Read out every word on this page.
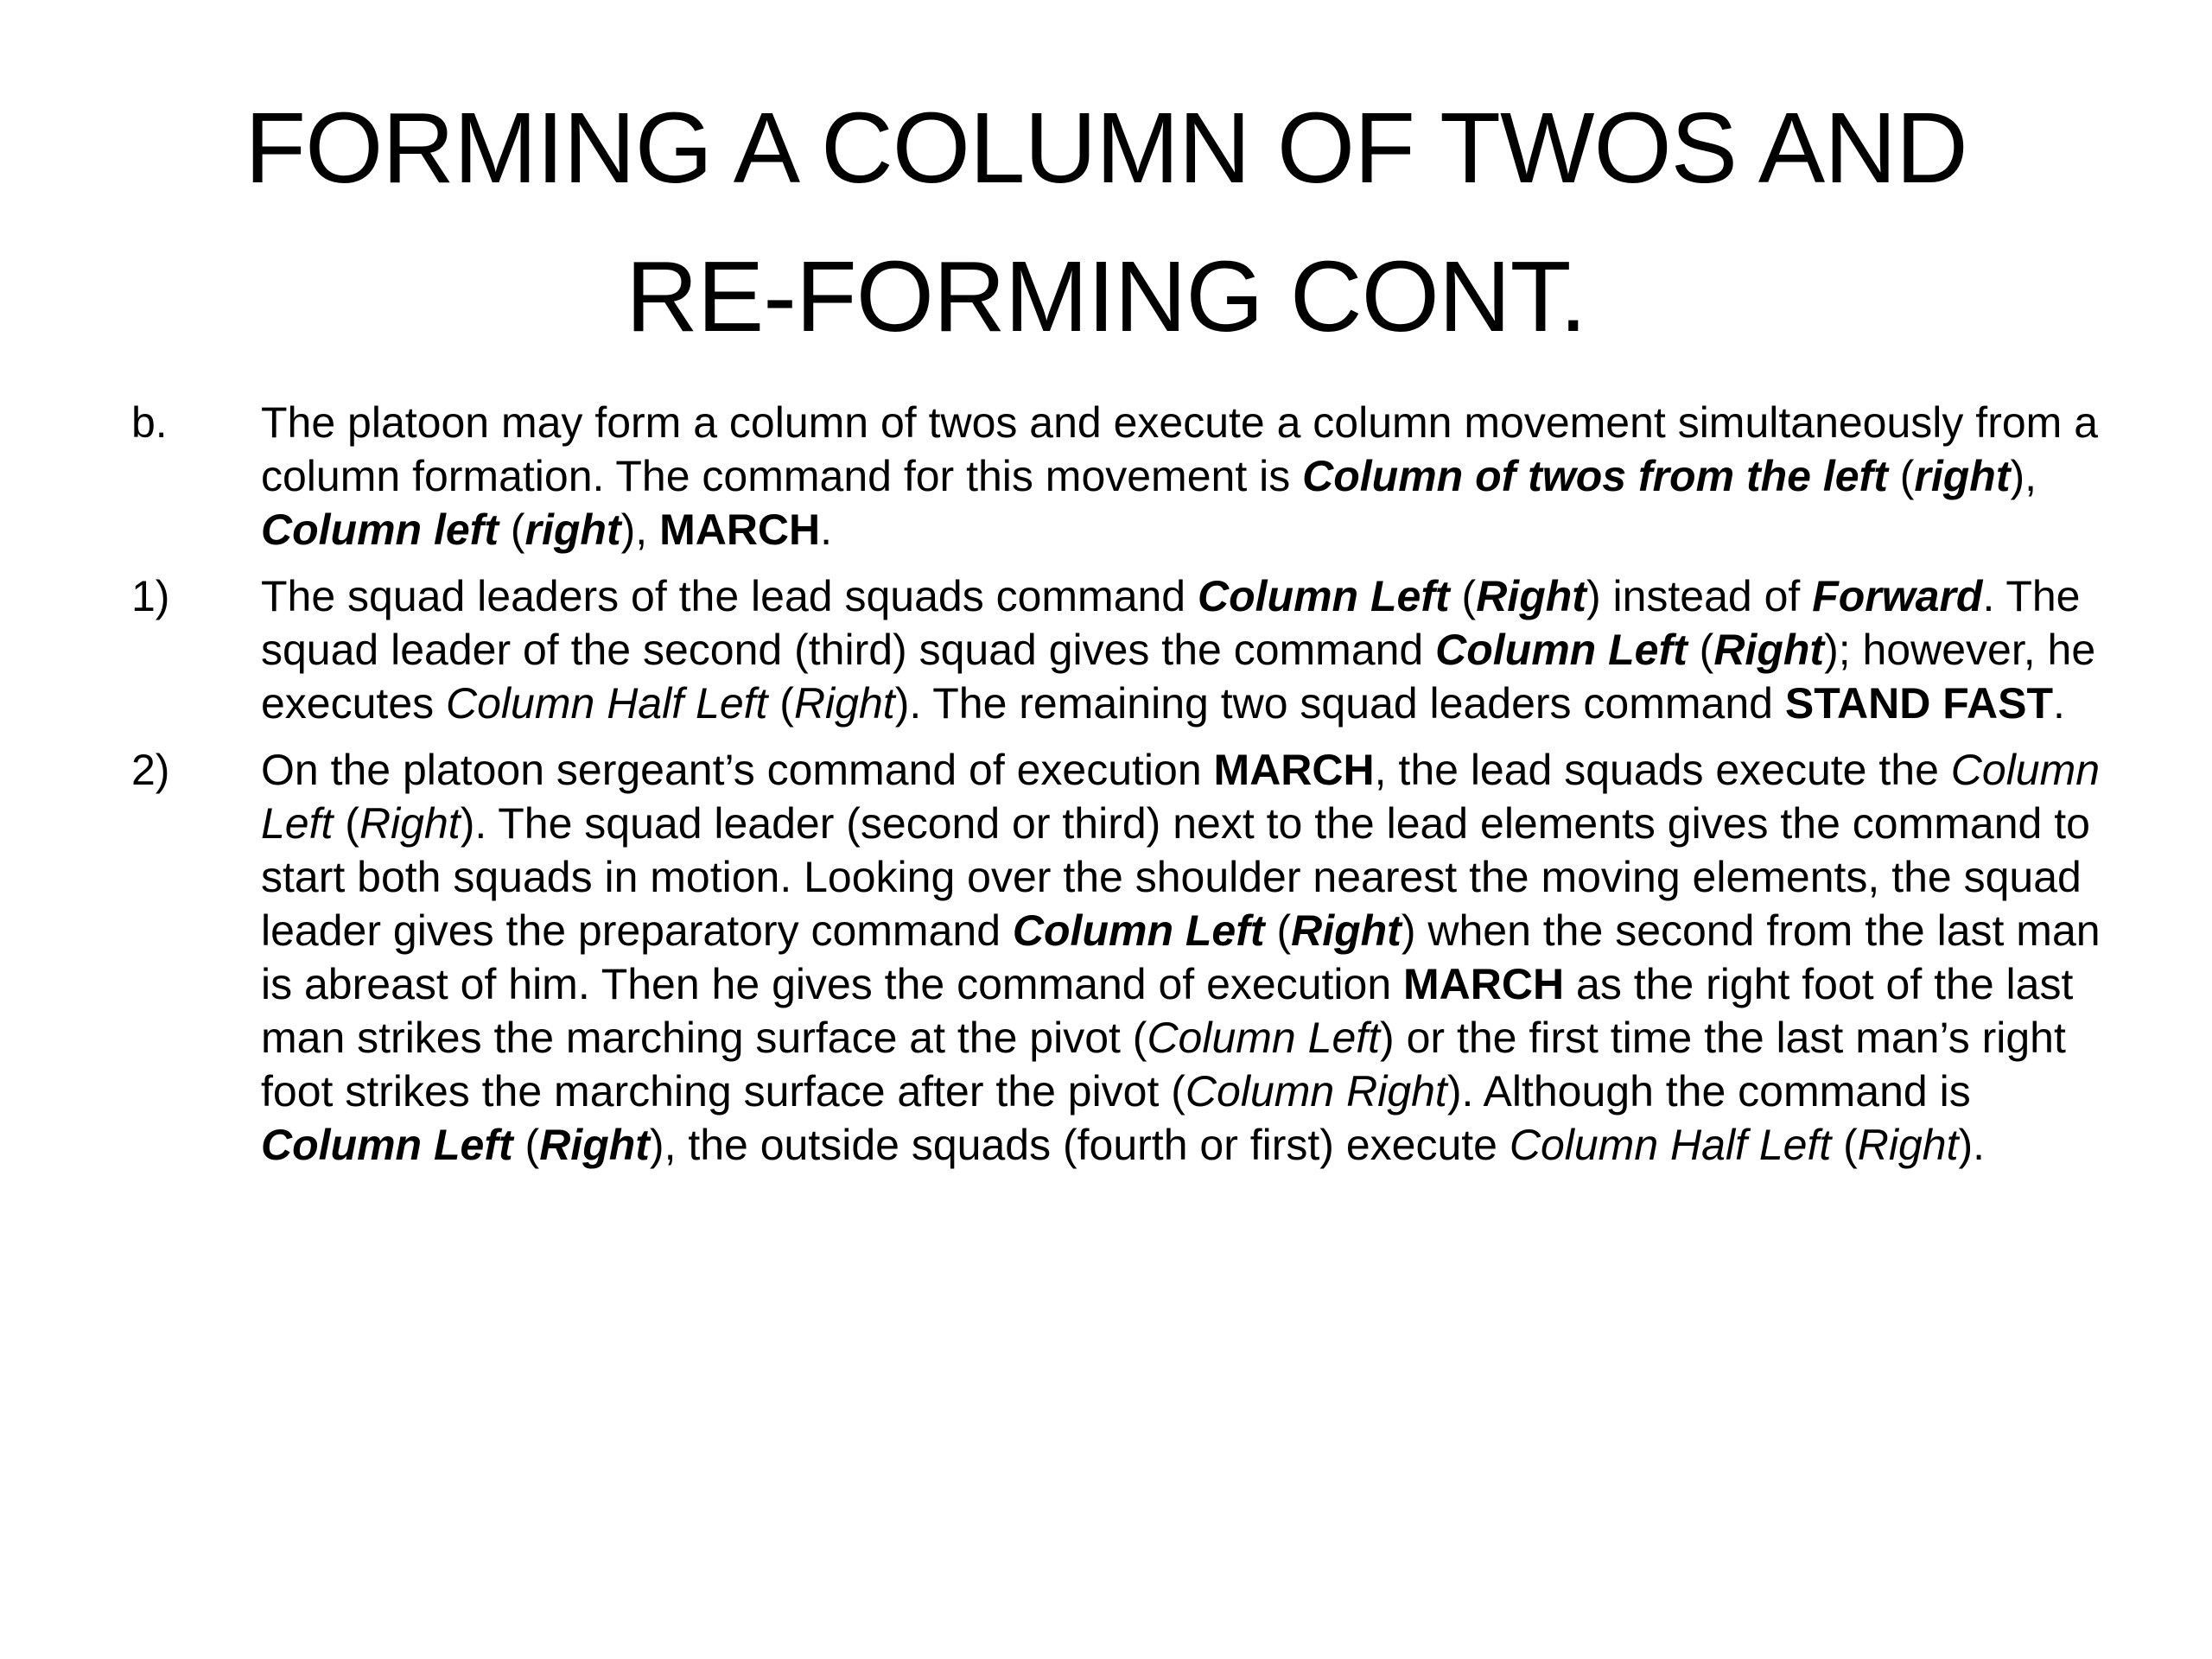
FORMING A COLUMN OF TWOS AND
RE-FORMING CONT.
b.	The platoon may form a column of twos and execute a column movement simultaneously from a column formation. The command for this movement is Column of twos from the left (right), Column left (right), MARCH.
1)	The squad leaders of the lead squads command Column Left (Right) instead of Forward. The squad leader of the second (third) squad gives the command Column Left (Right); however, he executes Column Half Left (Right). The remaining two squad leaders command STAND FAST.
2)	On the platoon sergeant’s command of execution MARCH, the lead squads execute the Column Left (Right). The squad leader (second or third) next to the lead elements gives the command to start both squads in motion. Looking over the shoulder nearest the moving elements, the squad leader gives the preparatory command Column Left (Right) when the second from the last man is abreast of him. Then he gives the command of execution MARCH as the right foot of the last man strikes the marching surface at the pivot (Column Left) or the first time the last man’s right foot strikes the marching surface after the pivot (Column Right). Although the command is Column Left (Right), the outside squads (fourth or first) execute Column Half Left (Right).
